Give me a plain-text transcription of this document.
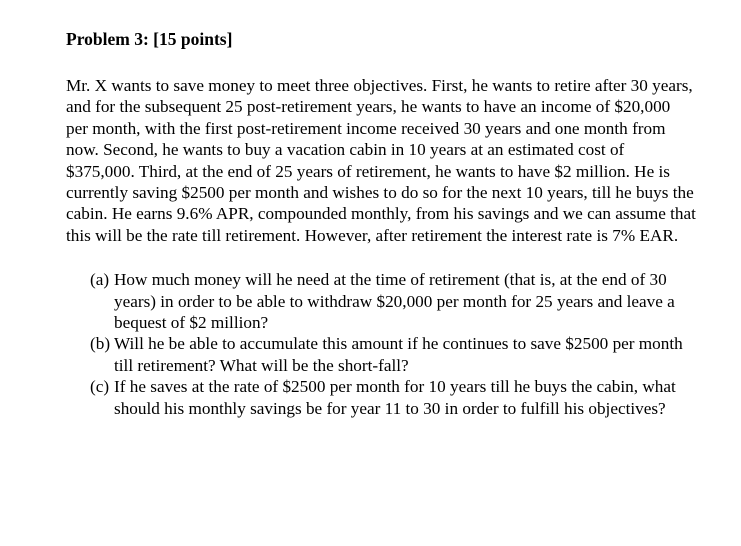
Problem 3: [15 points]

Mr. X wants to save money to meet three objectives. First, he wants to retire after 30 years, and for the subsequent 25 post-retirement years, he wants to have an income of $20,000 per month, with the first post-retirement income received 30 years and one month from now. Second, he wants to buy a vacation cabin in 10 years at an estimated cost of $375,000. Third, at the end of 25 years of retirement, he wants to have $2 million. He is currently saving $2500 per month and wishes to do so for the next 10 years, till he buys the cabin. He earns 9.6% APR, compounded monthly, from his savings and we can assume that this will be the rate till retirement. However, after retirement the interest rate is 7% EAR.

(a) How much money will he need at the time of retirement (that is, at the end of 30 years) in order to be able to withdraw $20,000 per month for 25 years and leave a bequest of $2 million?
(b) Will he be able to accumulate this amount if he continues to save $2500 per month till retirement? What will be the short-fall?
(c) If he saves at the rate of $2500 per month for 10 years till he buys the cabin, what should his monthly savings be for year 11 to 30 in order to fulfill his objectives?
